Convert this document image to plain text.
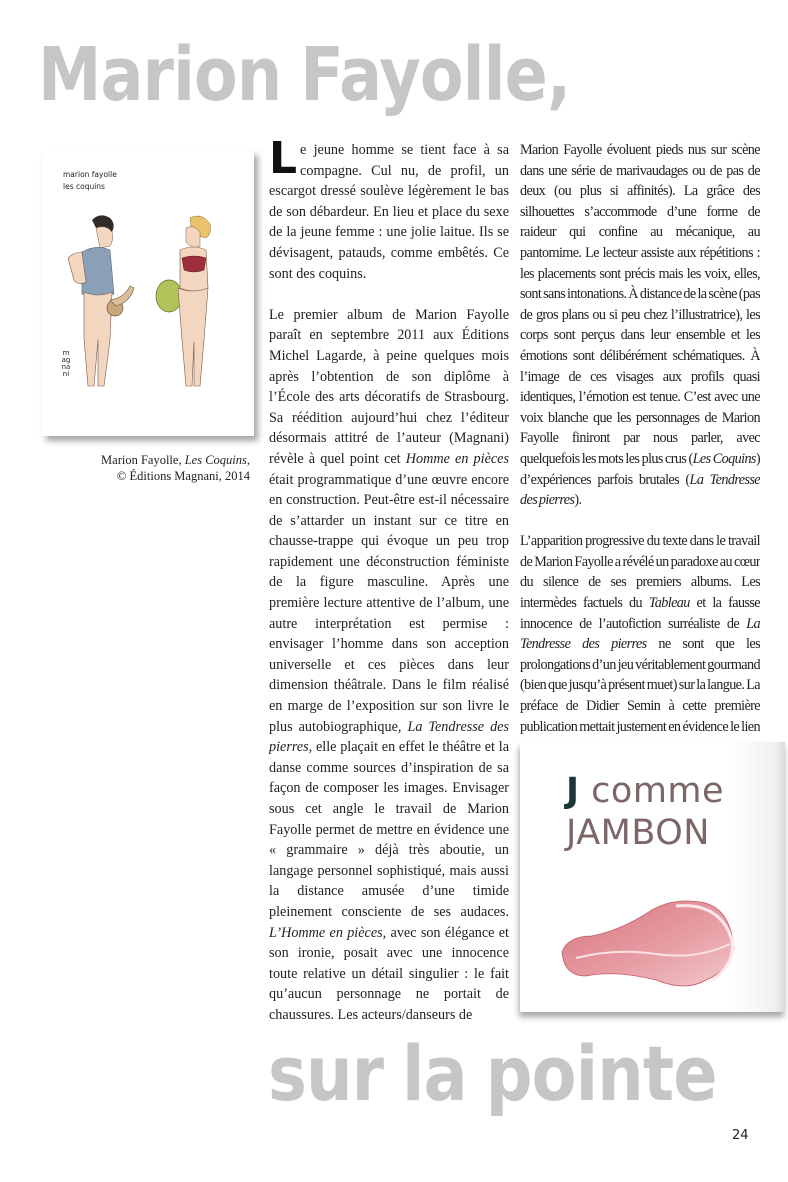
Marion Fayolle,
marion fayolle
les coquins
magnani
Marion Fayolle, Les Coquins,
© Éditions Magnani, 2014

Le jeune homme se tient face à sa compagne. Cul nu, de profil, un escargot dressé soulève légèrement le bas de son débardeur. En lieu et place du sexe de la jeune femme : une jolie laitue. Ils se dévisagent, patauds, comme embêtés. Ce sont des coquins.

Le premier album de Marion Fayolle paraît en septembre 2011 aux Éditions Michel Lagarde, à peine quelques mois après l’obtention de son diplôme à l’École des arts décoratifs de Strasbourg. Sa réédition aujourd’hui chez l’éditeur désormais attitré de l’auteur (Magnani) révèle à quel point cet Homme en pièces était programmatique d’une œuvre encore en construction. Peut-être est-il nécessaire de s’attarder un instant sur ce titre en chausse-trappe qui évoque un peu trop rapidement une déconstruction féministe de la figure masculine. Après une première lecture attentive de l’album, une autre interprétation est permise : envisager l’homme dans son acception universelle et ces pièces dans leur dimension théâtrale. Dans le film réalisé en marge de l’exposition sur son livre le plus autobiographique, La Tendresse des pierres, elle plaçait en effet le théâtre et la danse comme sources d’inspiration de sa façon de composer les images. Envisager sous cet angle le travail de Marion Fayolle permet de mettre en évidence une « grammaire » déjà très aboutie, un langage personnel sophistiqué, mais aussi la distance amusée d’une timide pleinement consciente de ses audaces. L’Homme en pièces, avec son élégance et son ironie, posait avec une innocence toute relative un détail singulier : le fait qu’aucun personnage ne portait de chaussures. Les acteurs/danseurs de

Marion Fayolle évoluent pieds nus sur scène dans une série de marivaudages ou de pas de deux (ou plus si affinités). La grâce des silhouettes s’accommode d’une forme de raideur qui confine au mécanique, au pantomime. Le lecteur assiste aux répétitions : les placements sont précis mais les voix, elles, sont sans intonations. À distance de la scène (pas de gros plans ou si peu chez l’illustratrice), les corps sont perçus dans leur ensemble et les émotions sont délibérément schématiques. À l’image de ces visages aux profils quasi identiques, l’émotion est tenue. C’est avec une voix blanche que les personnages de Marion Fayolle finiront par nous parler, avec quelquefois les mots les plus crus (Les Coquins) d’expériences parfois brutales (La Tendresse des pierres).

L’apparition progressive du texte dans le travail de Marion Fayolle a révélé un paradoxe au cœur du silence de ses premiers albums. Les intermèdes factuels du Tableau et la fausse innocence de l’autofiction surréaliste de La Tendresse des pierres ne sont que les prolongations d’un jeu véritablement gourmand (bien que jusqu’à présent muet) sur la langue. La préface de Didier Semin à cette première publication mettait justement en évidence le lien

J comme
JAMBON
sur la pointe
24
